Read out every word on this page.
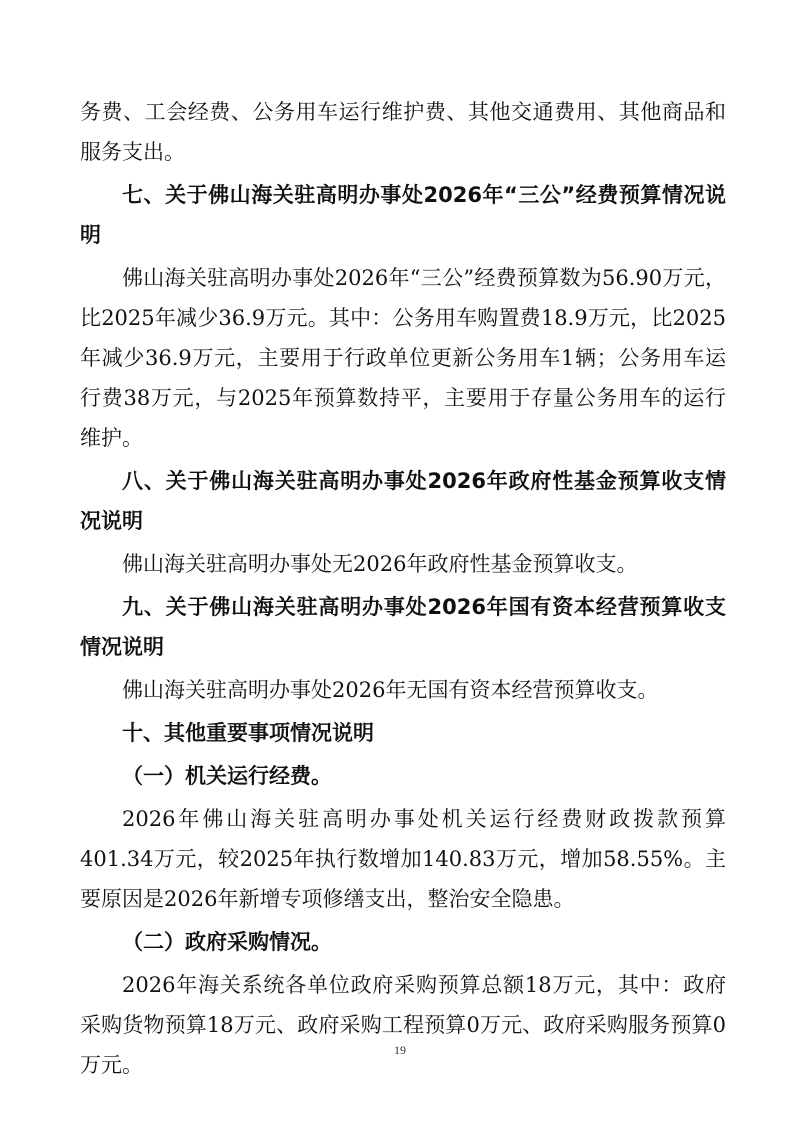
务费、工会经费、公务用车运行维护费、其他交通费用、其他商品和服务支出。

七、关于佛山海关驻高明办事处2026年“三公”经费预算情况说明

佛山海关驻高明办事处2026年“三公”经费预算数为56.90万元，比2025年减少36.9万元。其中：公务用车购置费18.9万元，比2025年减少36.9万元，主要用于行政单位更新公务用车1辆；公务用车运行费38万元，与2025年预算数持平，主要用于存量公务用车的运行维护。

八、关于佛山海关驻高明办事处2026年政府性基金预算收支情况说明

佛山海关驻高明办事处无2026年政府性基金预算收支。

九、关于佛山海关驻高明办事处2026年国有资本经营预算收支情况说明

佛山海关驻高明办事处2026年无国有资本经营预算收支。

十、其他重要事项情况说明

（一）机关运行经费。

2026年佛山海关驻高明办事处机关运行经费财政拨款预算401.34万元，较2025年执行数增加140.83万元，增加58.55%。主要原因是2026年新增专项修缮支出，整治安全隐患。

（二）政府采购情况。

2026年海关系统各单位政府采购预算总额18万元，其中：政府采购货物预算18万元、政府采购工程预算0万元、政府采购服务预算0万元。

19
